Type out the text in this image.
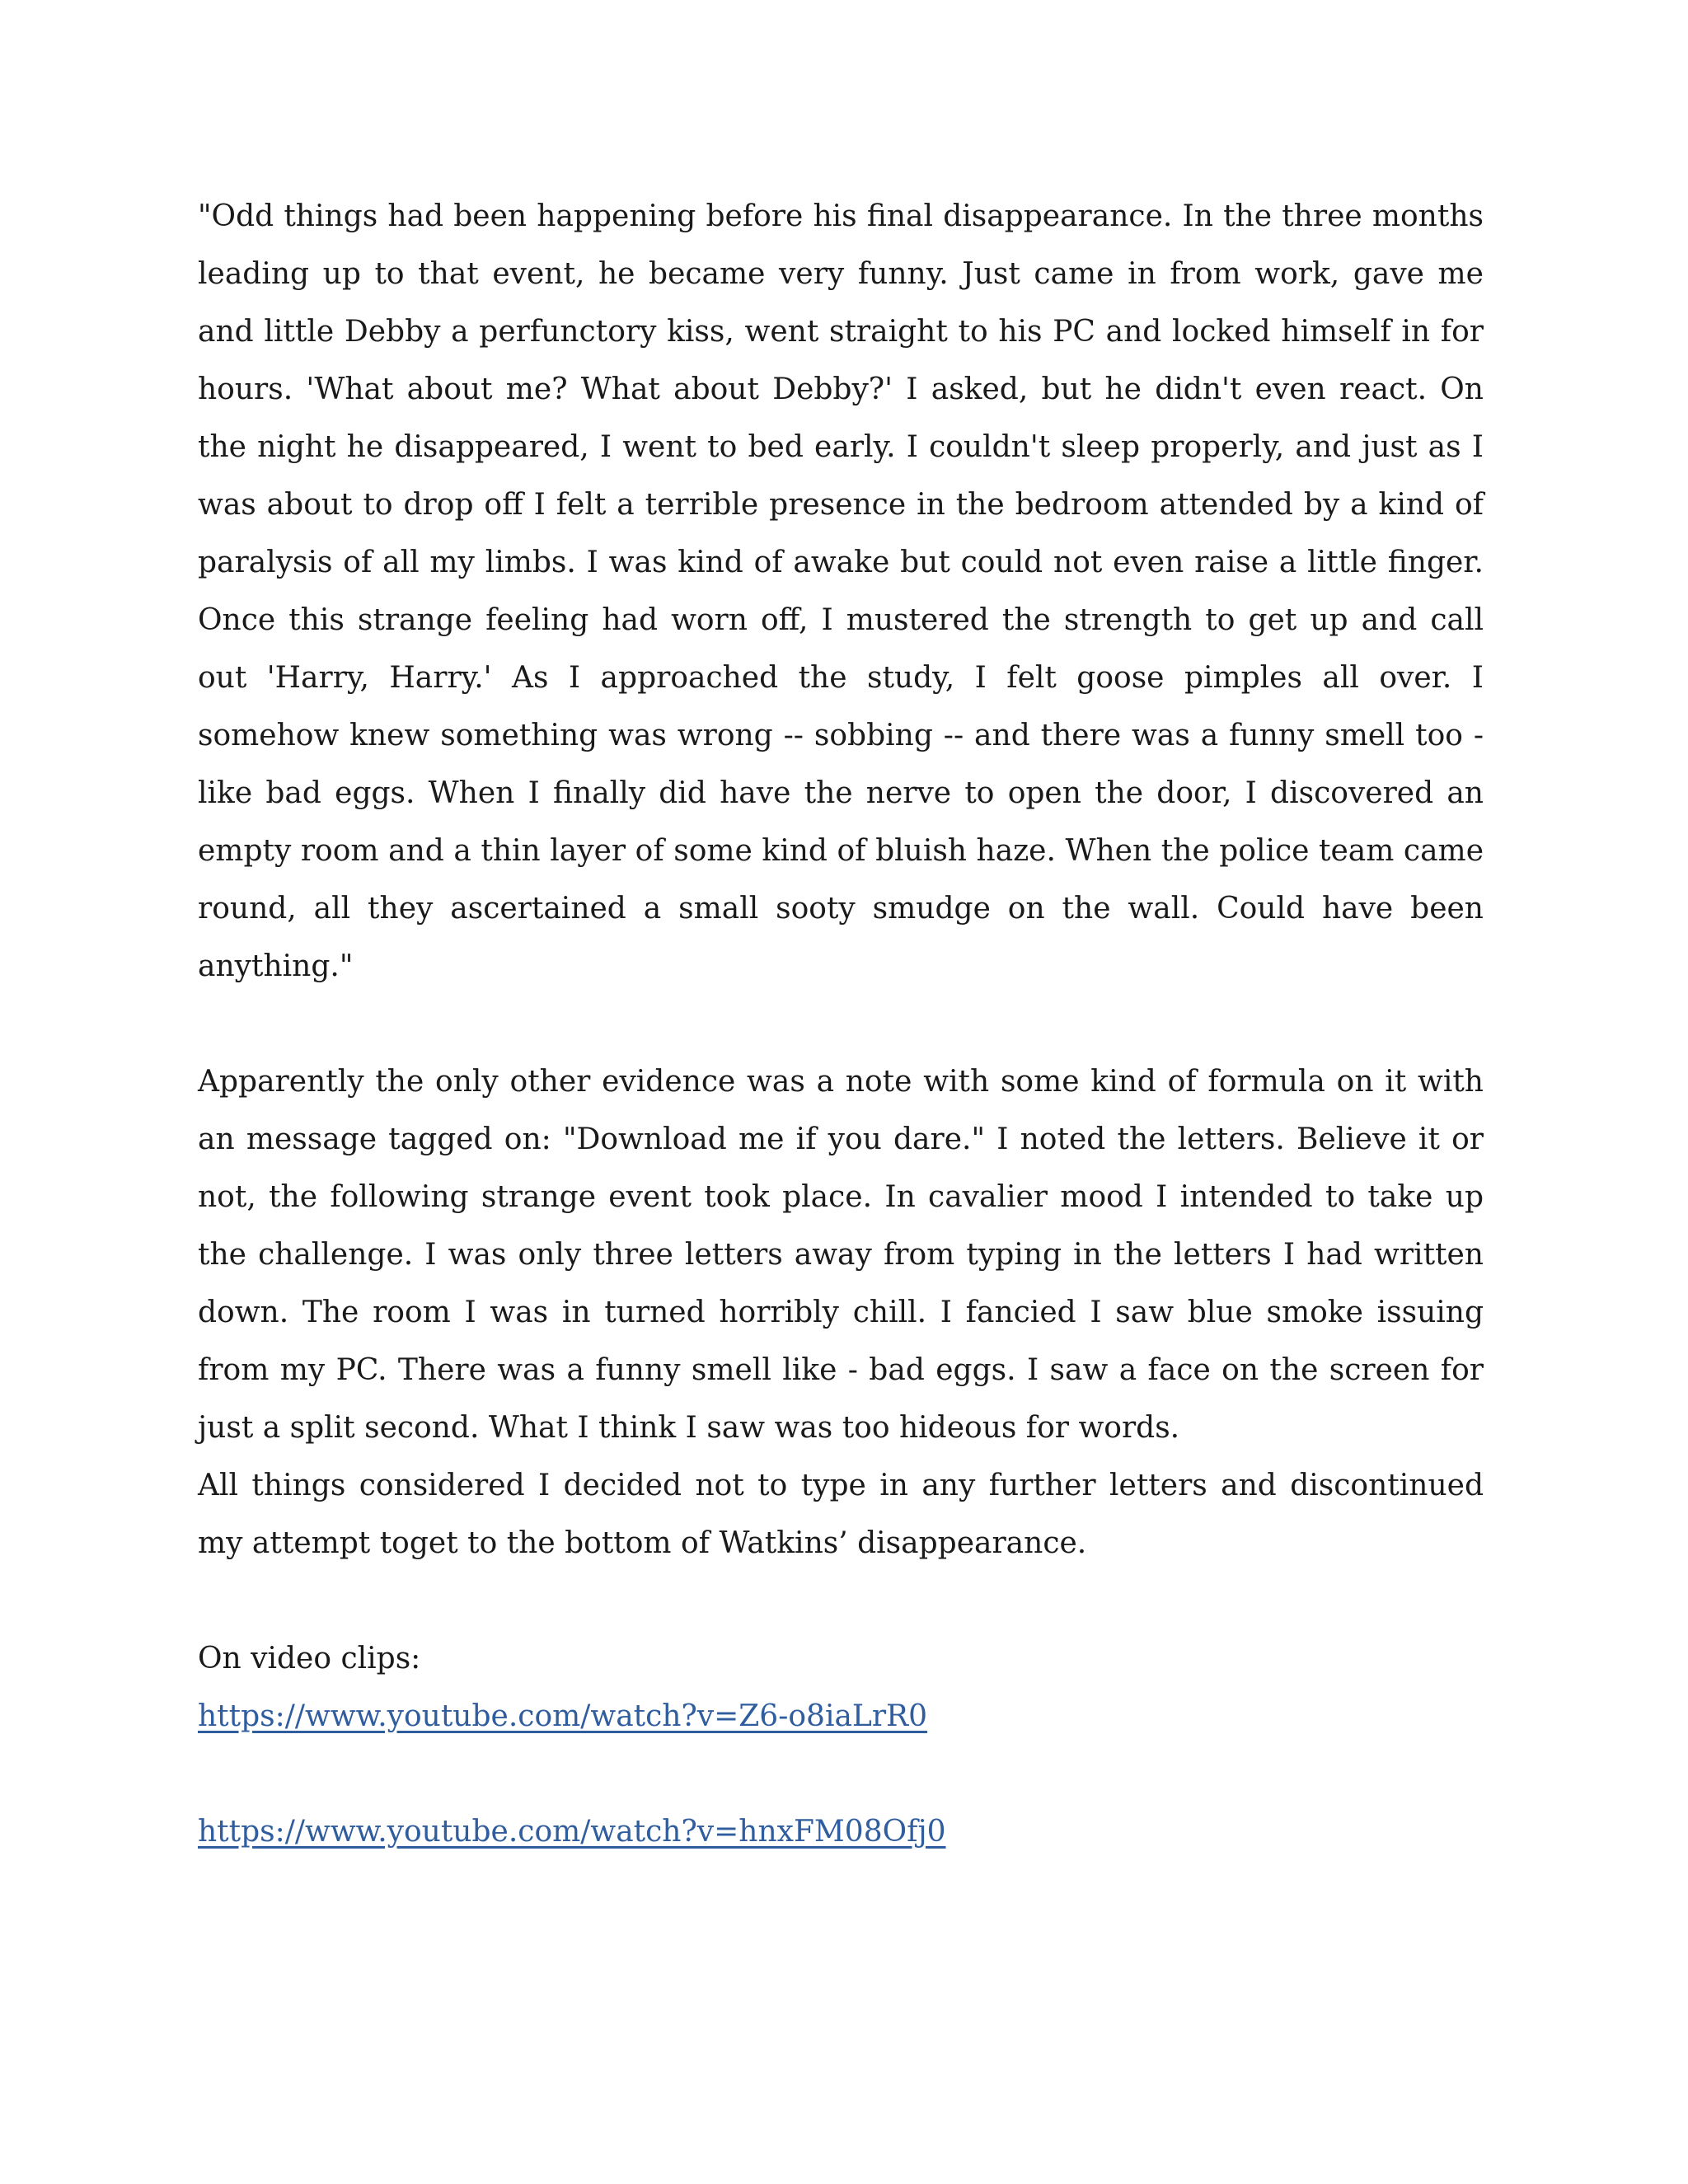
"Odd things had been happening before his final disappearance. In the three months leading up to that event, he became very funny. Just came in from work, gave me and little Debby a perfunctory kiss, went straight to his PC and locked himself in for hours. 'What about me? What about Debby?' I asked, but he didn't even react. On the night he disappeared, I went to bed early. I couldn't sleep properly, and just as I was about to drop off I felt a terrible presence in the bedroom attended by a kind of paralysis of all my limbs. I was kind of awake but could not even raise a little finger. Once this strange feeling had worn off, I mustered the strength to get up and call out 'Harry, Harry.' As I approached the study, I felt goose pimples all over. I somehow knew something was wrong -- sobbing -- and there was a funny smell too - like bad eggs. When I finally did have the nerve to open the door, I discovered an empty room and a thin layer of some kind of bluish haze. When the police team came round, all they ascertained a small sooty smudge on the wall. Could have been anything."

Apparently the only other evidence was a note with some kind of formula on it with an message tagged on: "Download me if you dare." I noted the letters. Believe it or not, the following strange event took place. In cavalier mood I intended to take up the challenge. I was only three letters away from typing in the letters I had written down. The room I was in turned horribly chill. I fancied I saw blue smoke issuing from my PC. There was a funny smell like - bad eggs. I saw a face on the screen for just a split second. What I think I saw was too hideous for words.

All things considered I decided not to type in any further letters and discontinued my attempt toget to the bottom of Watkins’ disappearance.

On video clips:

https://www.youtube.com/watch?v=Z6-o8iaLrR0

https://www.youtube.com/watch?v=hnxFM08Ofj0
